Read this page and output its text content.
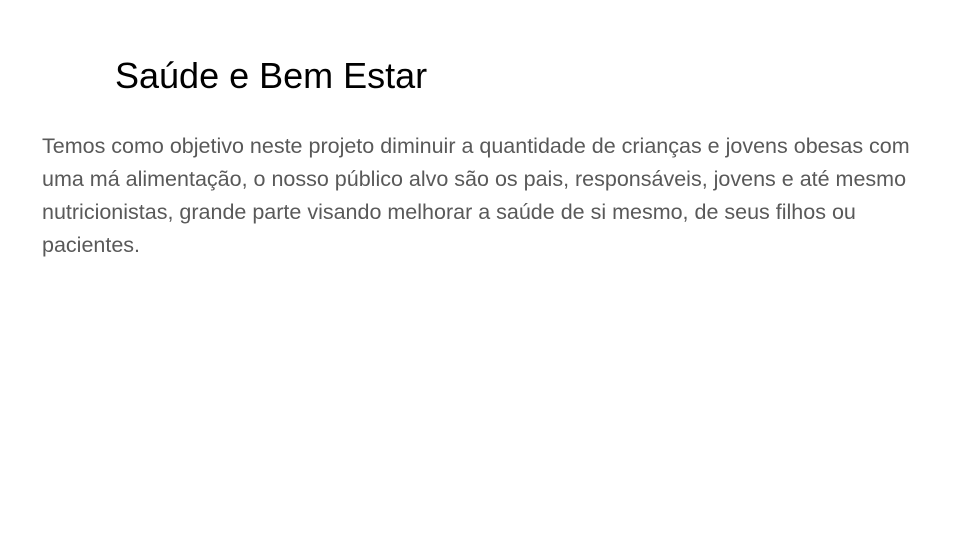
Saúde e Bem Estar

Temos como objetivo neste projeto diminuir a quantidade de crianças e jovens obesas com uma má alimentação, o nosso público alvo são os pais, responsáveis, jovens e até mesmo nutricionistas, grande parte visando melhorar a saúde de si mesmo, de seus filhos ou pacientes.
